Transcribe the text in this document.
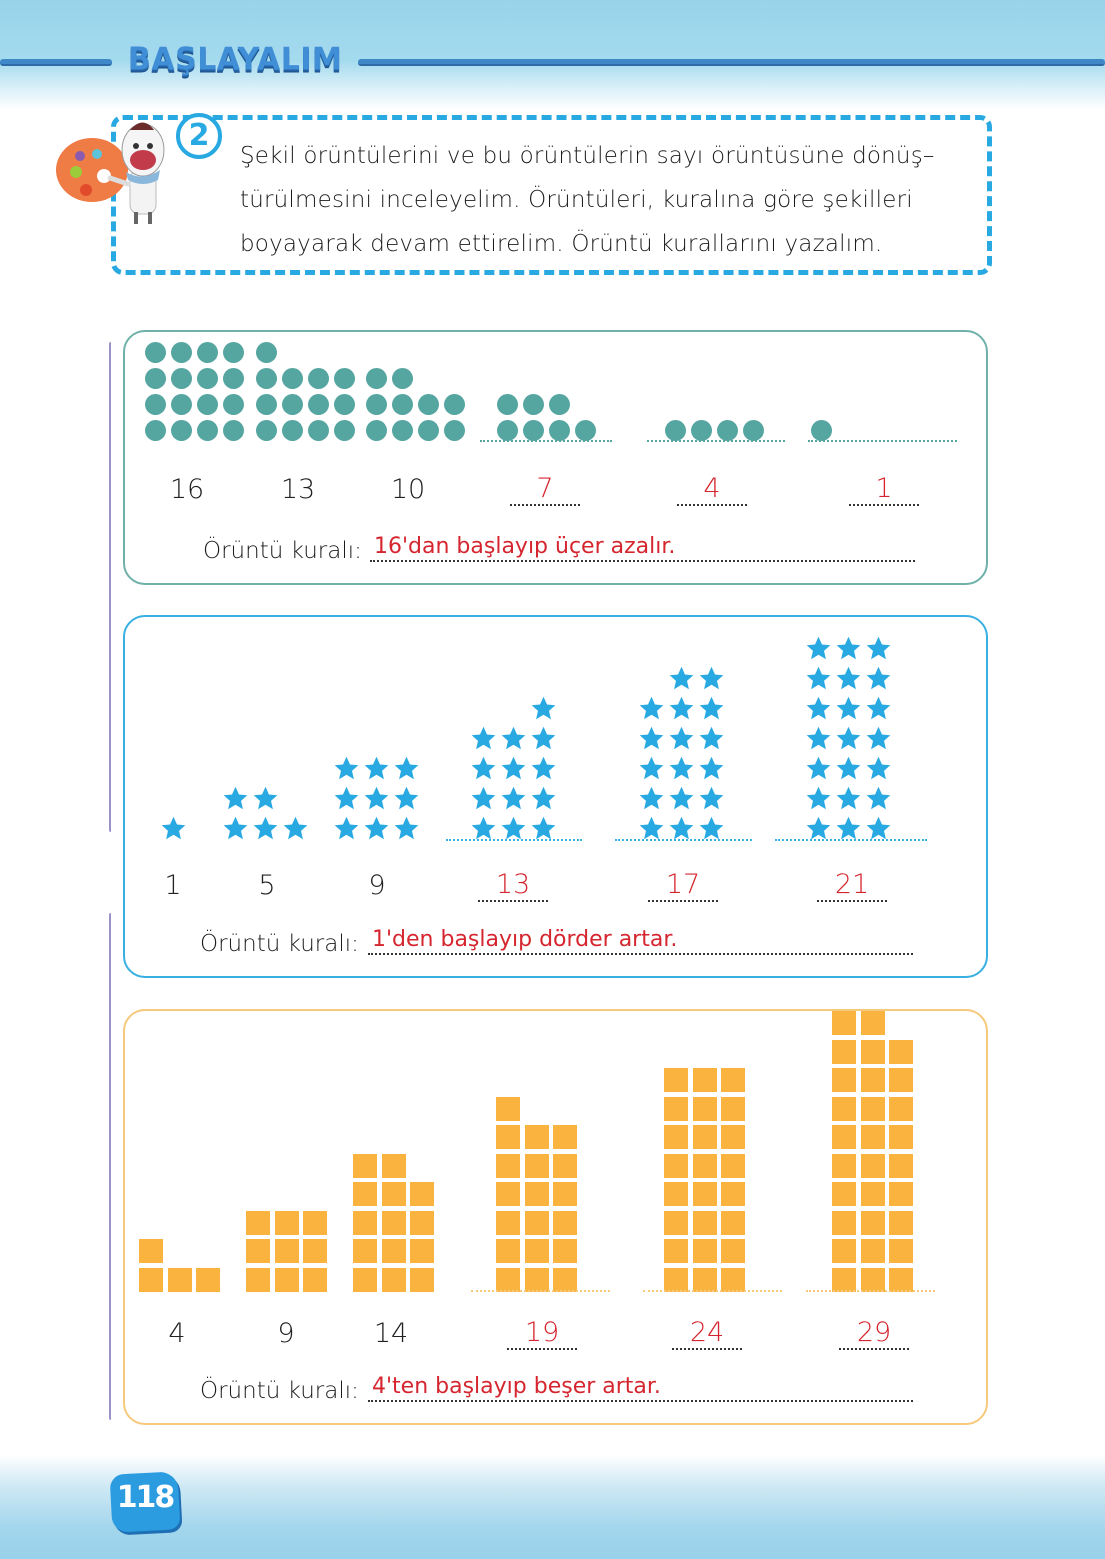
BAŞLAYALIM
2
Şekil örüntülerini ve bu örüntülerin sayı örüntüsüne dönüş–
türülmesini inceleyelim. Örüntüleri, kuralına göre şekilleri
boyayarak devam ettirelim. Örüntü kurallarını yazalım.
16	13	10	7	4	1
1	5	9	13	17	21
4	9	14	19	24	29
Örüntü kuralı: 16'dan başlayıp üçer azalır.
Örüntü kuralı: 1'den başlayıp dörder artar.
Örüntü kuralı: 4'ten başlayıp beşer artar.
118
